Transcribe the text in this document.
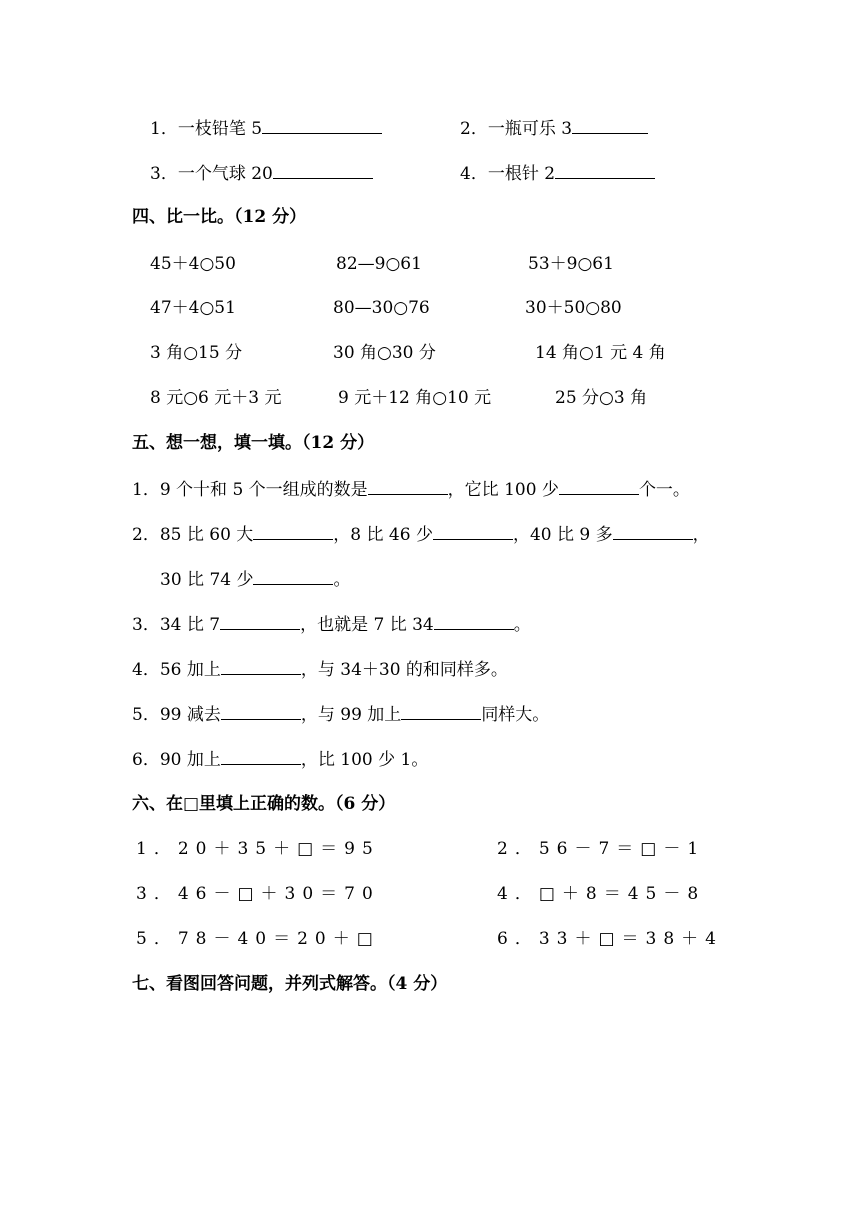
1．一枝铅笔 5	2．一瓶可乐 3
3．一个气球 20	4．一根针 2
四、比一比。（12 分）
45＋4○50	82—9○61	53＋9○61
47＋4○51	80—30○76	30＋50○80
3 角○15 分	30 角○30 分	14 角○1 元 4 角
8 元○6 元＋3 元	9 元＋12 角○10 元	25 分○3 角
五、想一想，填一填。（12 分）
1．9 个十和 5 个一组成的数是	，它比 100 少	个一。
2．85 比 60 大	，8 比 46 少	，40 比 9 多	，
30 比 74 少	。
3．34 比 7	，也就是 7 比 34	。
4．56 加上	，与 34＋30 的和同样多。
5．99 减去	，与 99 加上	同样大。
6．90 加上	，比 100 少 1。
六、在□里填上正确的数。（6 分）
1．20＋35＋□＝95	2．56－7＝□－1
3．46－□＋30＝70	4．□＋8＝45－8
5．78－40＝20＋□	6．33＋□＝38＋4
七、看图回答问题，并列式解答。（4 分）
